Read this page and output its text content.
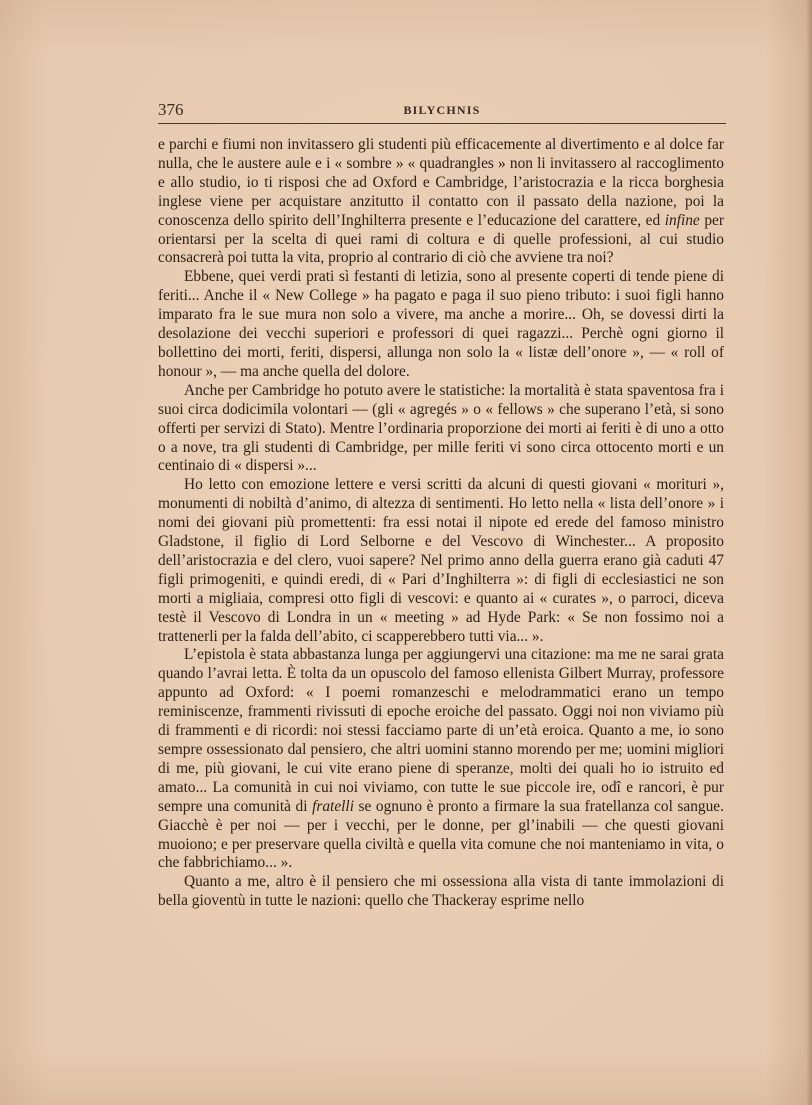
376	BILYCHNIS

e parchi e fiumi non invitassero gli studenti più efficacemente al divertimento e al dolce far nulla, che le austere aule e i « sombre » « quadrangles » non li invitassero al raccoglimento e allo studio, io ti risposi che ad Oxford e Cambridge, l’aristocrazia e la ricca borghesia inglese viene per acquistare anzitutto il contatto con il passato della nazione, poi la conoscenza dello spirito dell’Inghilterra presente e l’educazione del carattere, ed infine per orientarsi per la scelta di quei rami di coltura e di quelle professioni, al cui studio consacrerà poi tutta la vita, proprio al contrario di ciò che avviene tra noi?

Ebbene, quei verdi prati sì festanti di letizia, sono al presente coperti di tende piene di feriti... Anche il « New College » ha pagato e paga il suo pieno tributo: i suoi figli hanno imparato fra le sue mura non solo a vivere, ma anche a morire... Oh, se dovessi dirti la desolazione dei vecchi superiori e professori di quei ragazzi... Perchè ogni giorno il bollettino dei morti, feriti, dispersi, allunga non solo la « listæ dell’onore », — « roll of honour », — ma anche quella del dolore.

Anche per Cambridge ho potuto avere le statistiche: la mortalità è stata spaventosa fra i suoi circa dodicimila volontari — (gli « agregés » o « fellows » che superano l’età, si sono offerti per servizi di Stato). Mentre l’ordinaria proporzione dei morti ai feriti è di uno a otto o a nove, tra gli studenti di Cambridge, per mille feriti vi sono circa ottocento morti e un centinaio di « dispersi »...

Ho letto con emozione lettere e versi scritti da alcuni di questi giovani « morituri », monumenti di nobiltà d’animo, di altezza di sentimenti. Ho letto nella « lista dell’onore » i nomi dei giovani più promettenti: fra essi notai il nipote ed erede del famoso ministro Gladstone, il figlio di Lord Selborne e del Vescovo di Winchester... A proposito dell’aristocrazia e del clero, vuoi sapere? Nel primo anno della guerra erano già caduti 47 figli primogeniti, e quindi eredi, di « Pari d’Inghilterra »: di figli di ecclesiastici ne son morti a migliaia, compresi otto figli di vescovi: e quanto ai « curates », o parroci, diceva testè il Vescovo di Londra in un « meeting » ad Hyde Park: « Se non fossimo noi a trattenerli per la falda dell’abito, ci scapperebbero tutti via... ».

L’epistola è stata abbastanza lunga per aggiungervi una citazione: ma me ne sarai grata quando l’avrai letta. È tolta da un opuscolo del famoso ellenista Gilbert Murray, professore appunto ad Oxford: « I poemi romanzeschi e melodrammatici erano un tempo reminiscenze, frammenti rivissuti di epoche eroiche del passato. Oggi noi non viviamo più di frammenti e di ricordi: noi stessi facciamo parte di un’età eroica. Quanto a me, io sono sempre ossessionato dal pensiero, che altri uomini stanno morendo per me; uomini migliori di me, più giovani, le cui vite erano piene di speranze, molti dei quali ho io istruito ed amato... La comunità in cui noi viviamo, con tutte le sue piccole ire, odî e rancori, è pur sempre una comunità di fratelli se ognuno è pronto a firmare la sua fratellanza col sangue. Giacchè è per noi — per i vecchi, per le donne, per gl’inabili — che questi giovani muoiono; e per preservare quella civiltà e quella vita comune che noi manteniamo in vita, o che fabbrichiamo... ».

Quanto a me, altro è il pensiero che mi ossessiona alla vista di tante immolazioni di bella gioventù in tutte le nazioni: quello che Thackeray esprime nello
